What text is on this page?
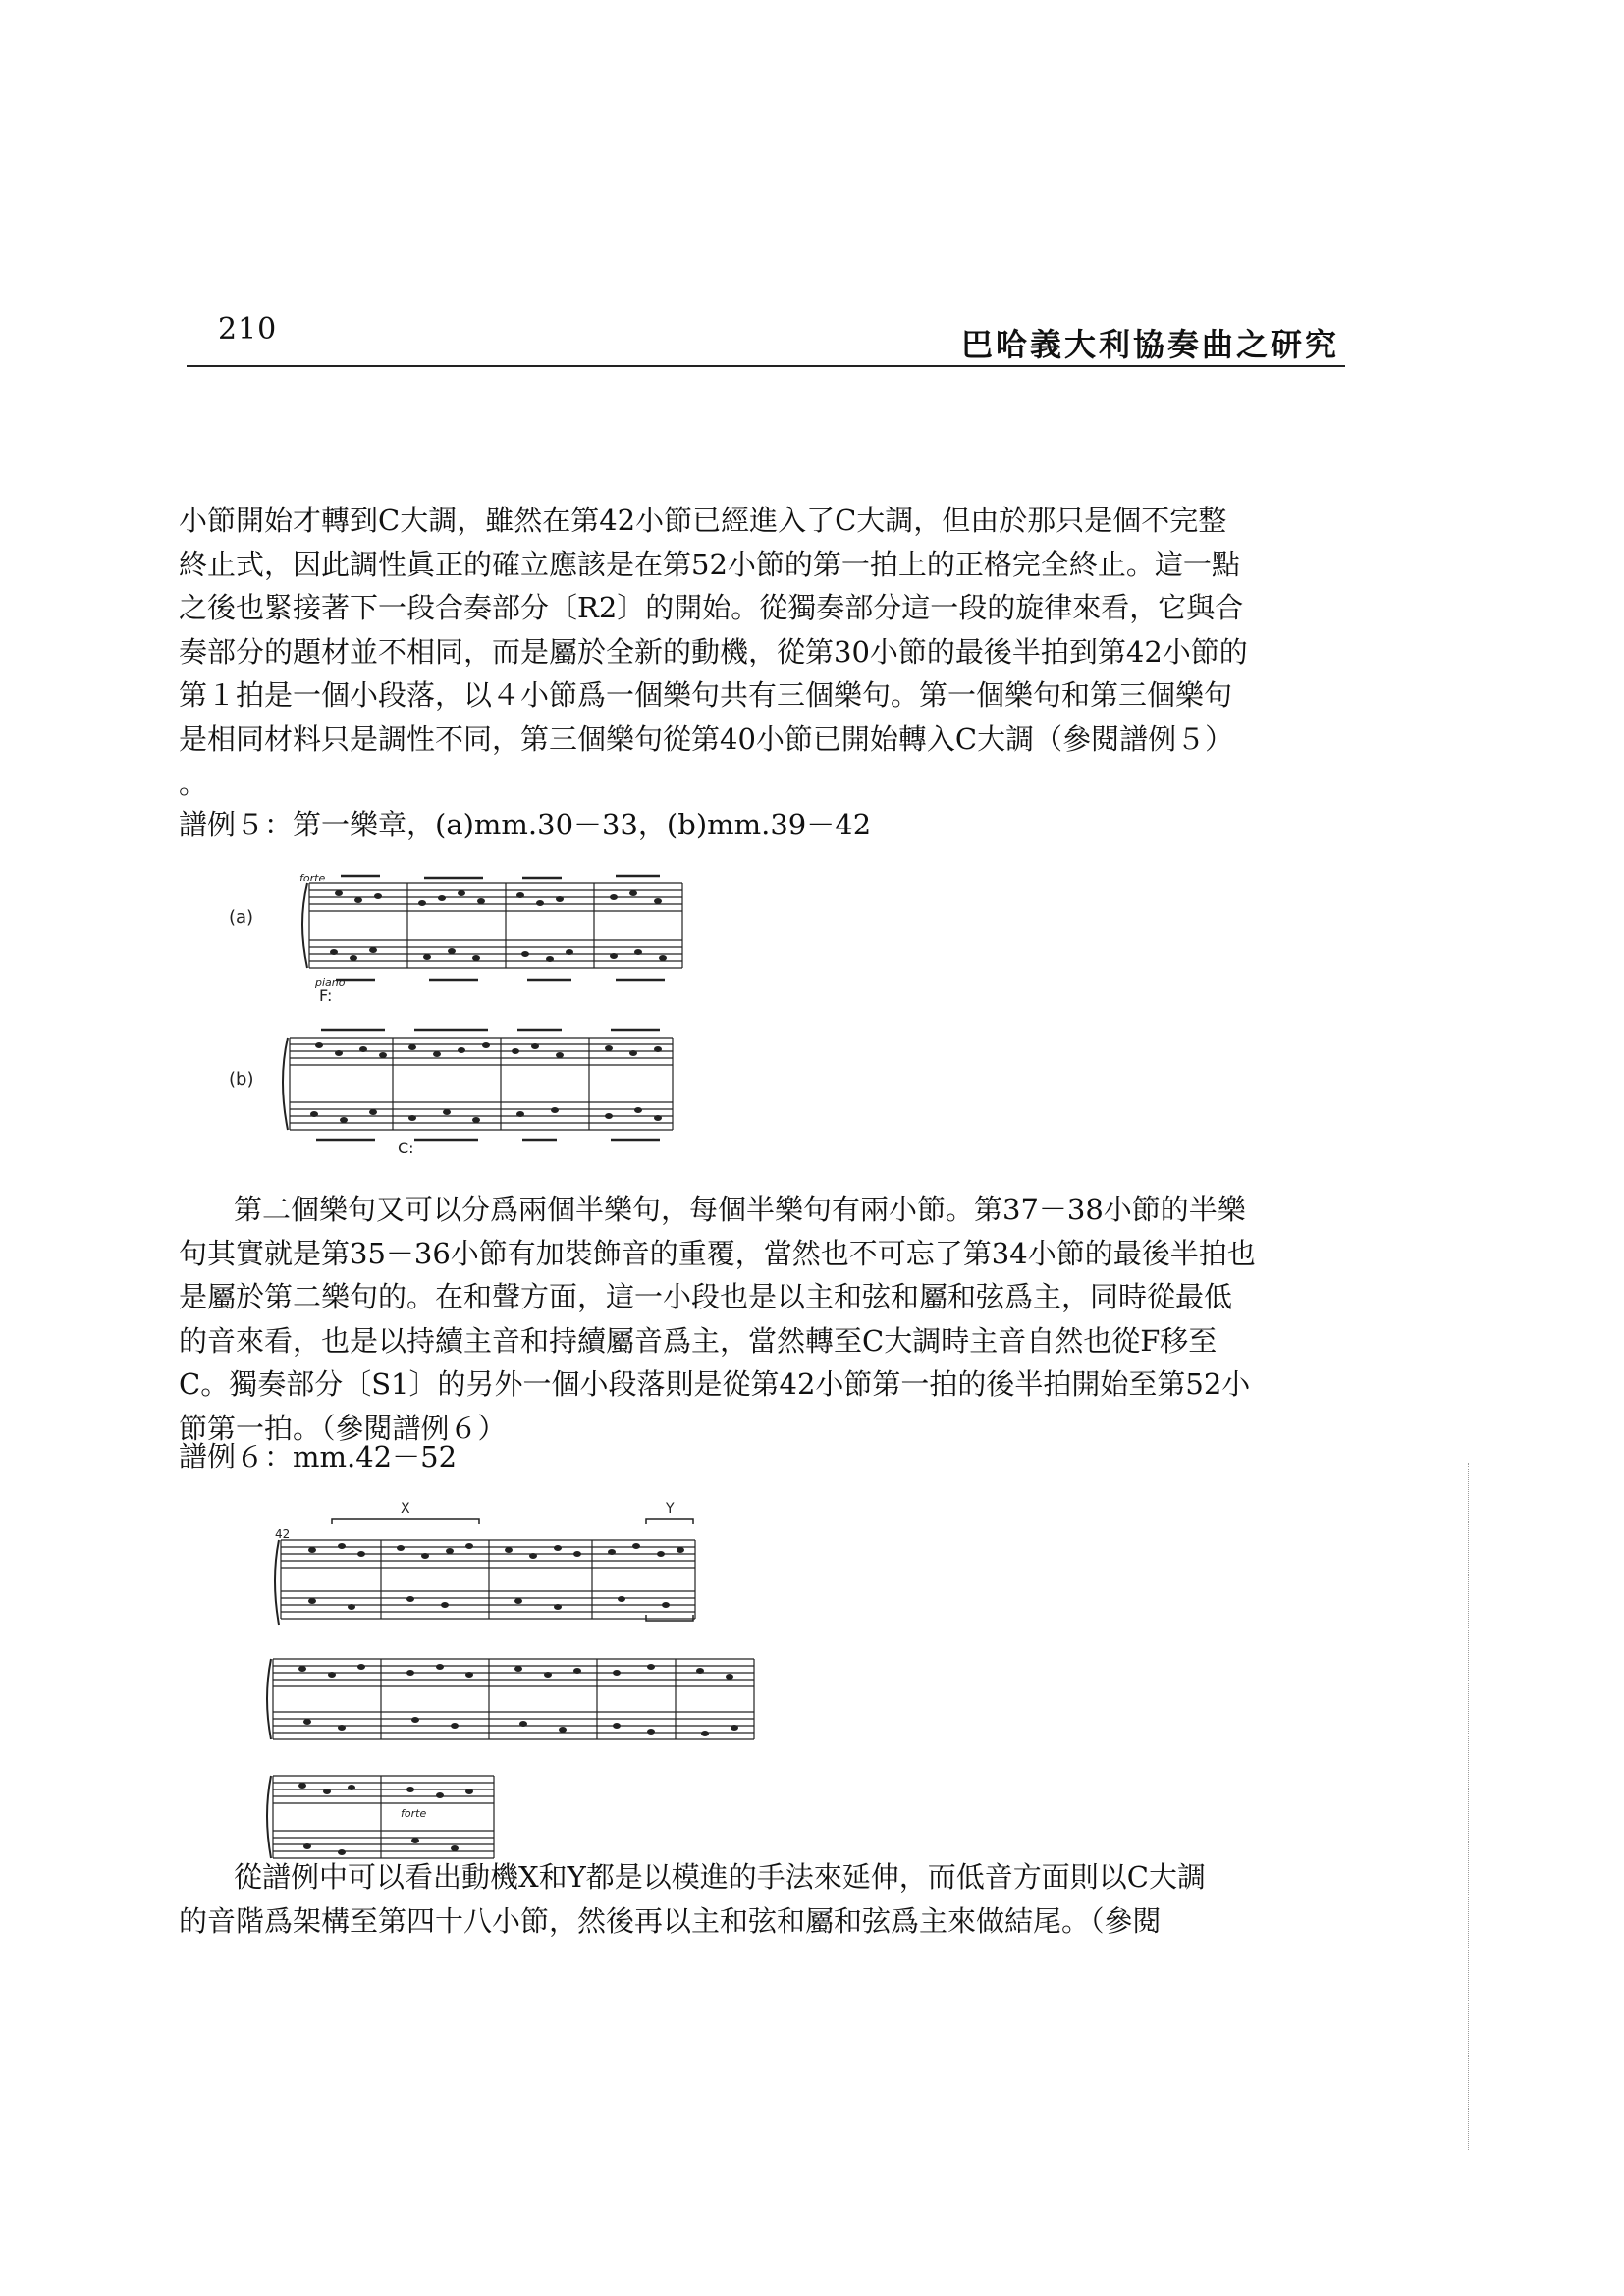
210	巴哈義大利協奏曲之研究
小節開始才轉到C大調，雖然在第42小節已經進入了C大調，但由於那只是個不完整
終止式，因此調性眞正的確立應該是在第52小節的第一拍上的正格完全終止。這一點
之後也緊接著下一段合奏部分〔R2〕的開始。從獨奏部分這一段的旋律來看，它與合
奏部分的題材並不相同，而是屬於全新的動機，從第30小節的最後半拍到第42小節的
第１拍是一個小段落，以４小節爲一個樂句共有三個樂句。第一個樂句和第三個樂句
是相同材料只是調性不同，第三個樂句從第40小節已開始轉入C大調（參閱譜例５）
。
譜例５：第一樂章，(a)mm.30－33，(b)mm.39－42
(a)
forte
piano
F:
(b)
C:
第二個樂句又可以分爲兩個半樂句，每個半樂句有兩小節。第37－38小節的半樂
句其實就是第35－36小節有加裝飾音的重覆，當然也不可忘了第34小節的最後半拍也
是屬於第二樂句的。在和聲方面，這一小段也是以主和弦和屬和弦爲主，同時從最低
的音來看，也是以持續主音和持續屬音爲主，當然轉至C大調時主音自然也從F移至
C。獨奏部分〔S1〕的另外一個小段落則是從第42小節第一拍的後半拍開始至第52小
節第一拍。（參閱譜例６）
譜例６：mm.42－52
42
X	Y
forte
從譜例中可以看出動機X和Y都是以模進的手法來延伸，而低音方面則以C大調
的音階爲架構至第四十八小節，然後再以主和弦和屬和弦爲主來做結尾。（參閱
